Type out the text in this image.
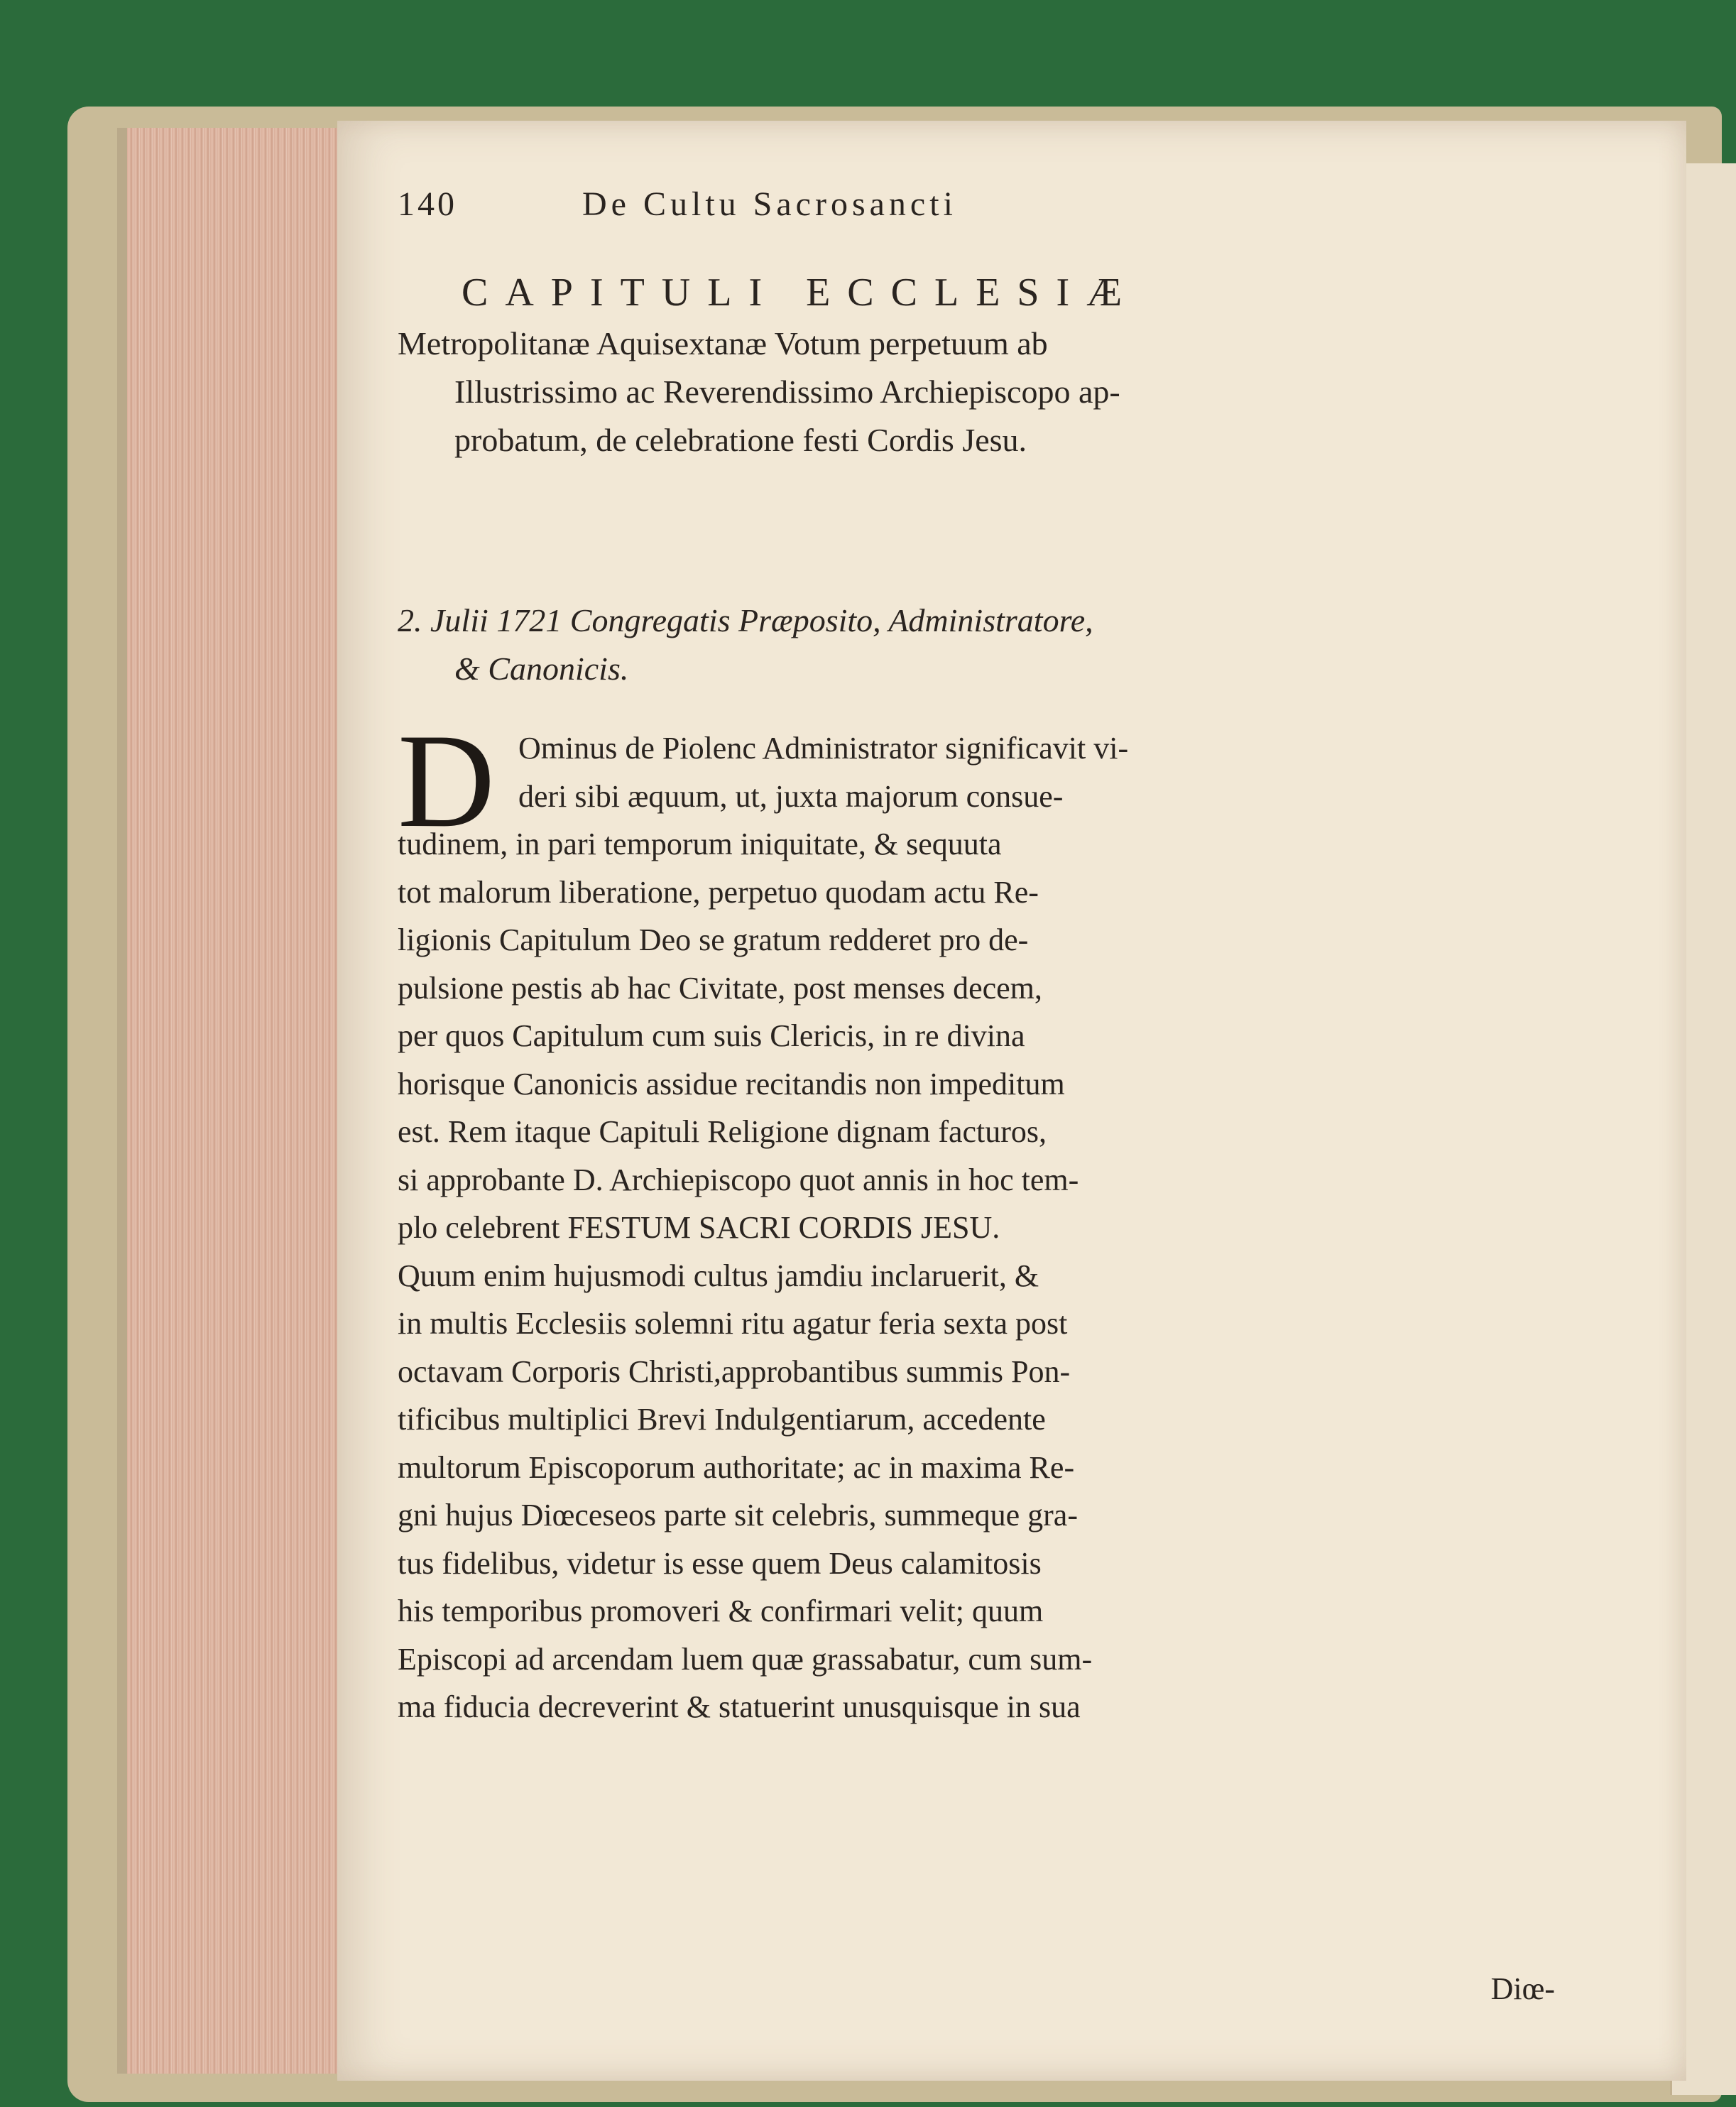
140	De Cultu Sacrosancti
CAPITULI ECCLESIÆ
Metropolitanæ Aquisextanæ Votum perpetuum ab
Illustrissimo ac Reverendissimo Archiepiscopo ap-
probatum, de celebratione festi Cordis Jesu.
2. Julii 1721 Congregatis Præposito, Administratore,
& Canonicis.
D Ominus de Piolenc Administrator significavit vi-
deri sibi æquum, ut, juxta majorum consue-
tudinem, in pari temporum iniquitate, & sequuta
tot malorum liberatione, perpetuo quodam actu Re-
ligionis Capitulum Deo se gratum redderet pro de-
pulsione pestis ab hac Civitate, post menses decem,
per quos Capitulum cum suis Clericis, in re divina
horisque Canonicis assidue recitandis non impeditum
est. Rem itaque Capituli Religione dignam facturos,
si approbante D. Archiepiscopo quot annis in hoc tem-
plo celebrent FESTUM SACRI CORDIS JESU.
Quum enim hujusmodi cultus jamdiu inclaruerit, &
in multis Ecclesiis solemni ritu agatur feria sexta post
octavam Corporis Christi,approbantibus summis Pon-
tificibus multiplici Brevi Indulgentiarum, accedente
multorum Episcoporum authoritate; ac in maxima Re-
gni hujus Diœceseos parte sit celebris, summeque gra-
tus fidelibus, videtur is esse quem Deus calamitosis
his temporibus promoveri & confirmari velit; quum
Episcopi ad arcendam luem quæ grassabatur, cum sum-
ma fiducia decreverint & statuerint unusquisque in sua
Diœ-
